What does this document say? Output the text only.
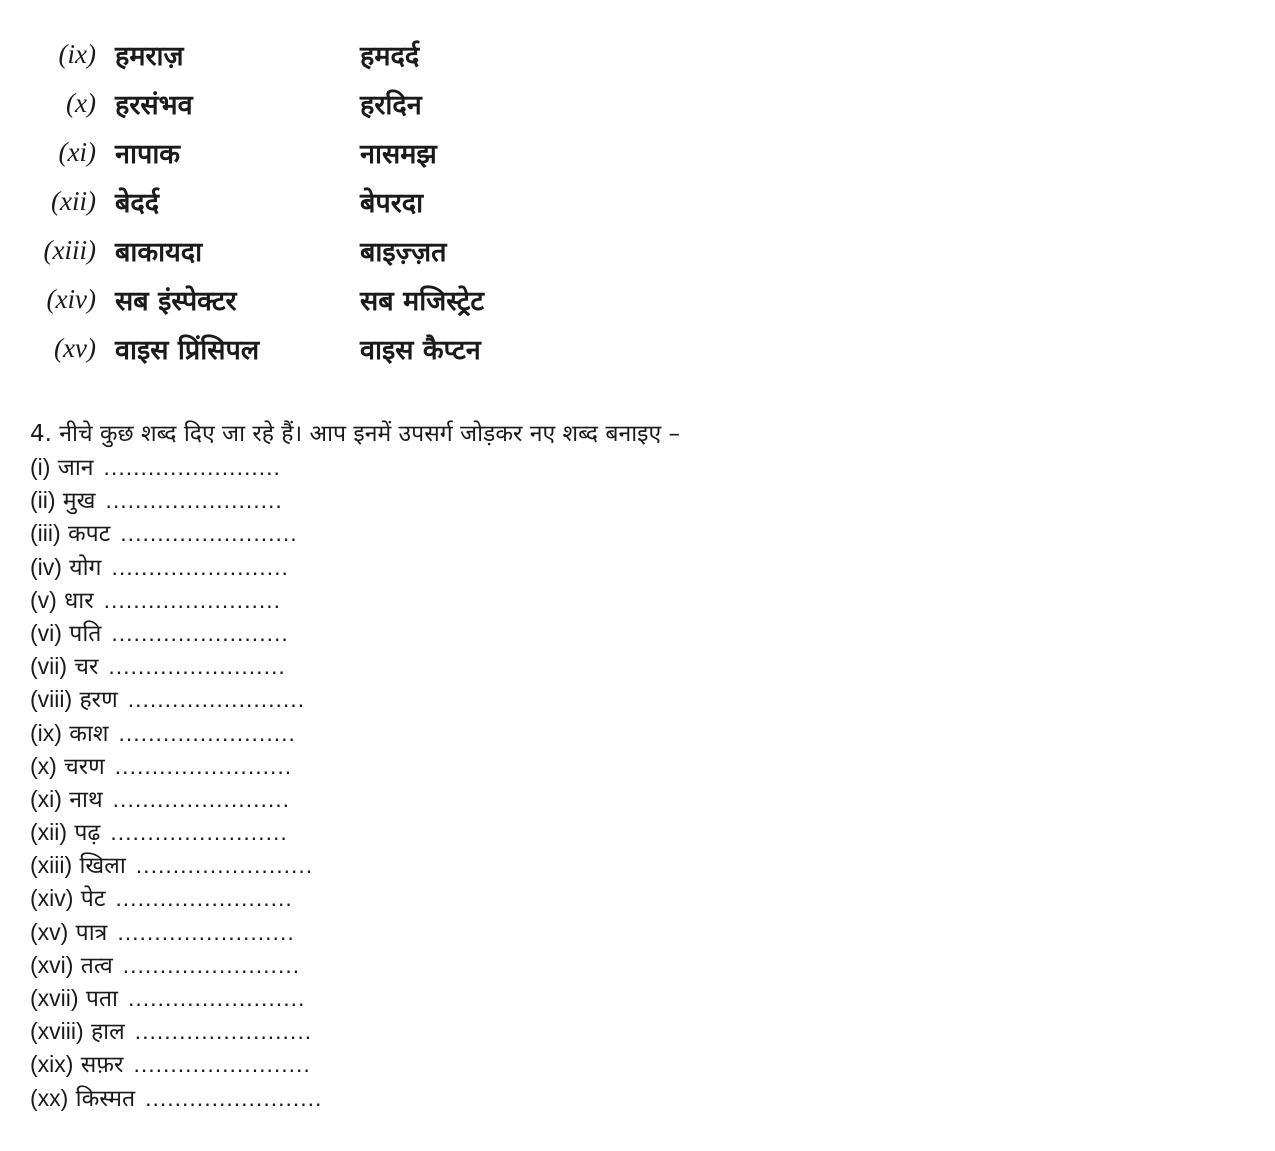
(ix) हमराज़	हमदर्द
(x) हरसंभव	हरदिन
(xi) नापाक	नासमझ
(xii) बेदर्द	बेपरदा
(xiii) बाकायदा	बाइज़्ज़त
(xiv) सब इंस्पेक्टर	सब मजिस्ट्रेट
(xv) वाइस प्रिंसिपल	वाइस कैप्टन
4. नीचे कुछ शब्द दिए जा रहे हैं। आप इनमें उपसर्ग जोड़कर नए शब्द बनाइए –
(i) जान ........................
(ii) मुख ........................
(iii) कपट ........................
(iv) योग ........................
(v) धार ........................
(vi) पति ........................
(vii) चर ........................
(viii) हरण ........................
(ix) काश ........................
(x) चरण ........................
(xi) नाथ ........................
(xii) पढ़ ........................
(xiii) खिला ........................
(xiv) पेट ........................
(xv) पात्र ........................
(xvi) तत्व ........................
(xvii) पता ........................
(xviii) हाल ........................
(xix) सफ़र ........................
(xx) किस्मत ........................
